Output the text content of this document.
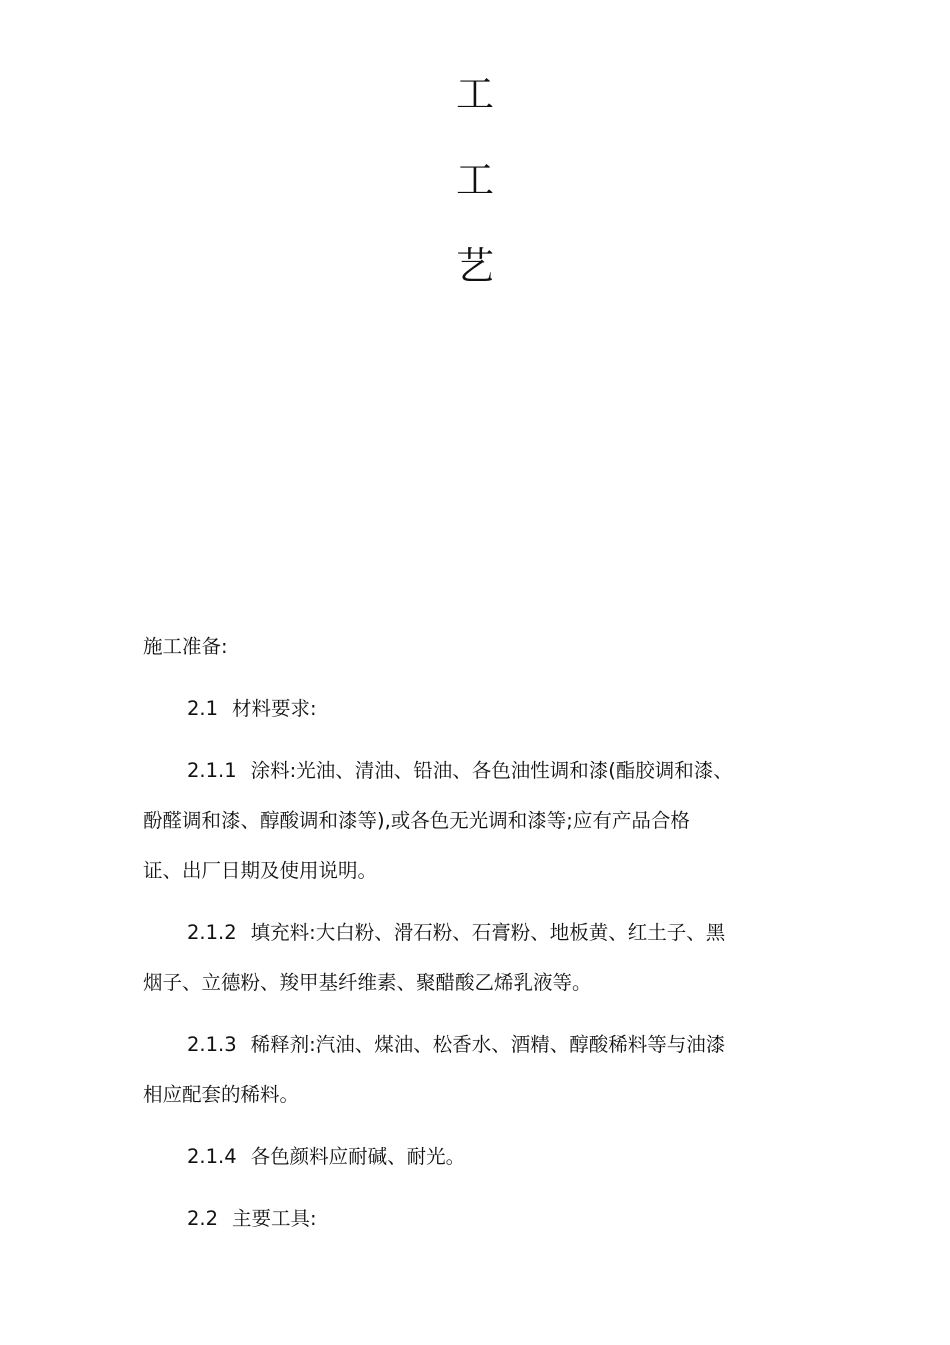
工
工
艺
施工准备:
2.1 材料要求:
2.1.1 涂料:光油、清油、铅油、各色油性调和漆(酯胶调和漆、
酚醛调和漆、醇酸调和漆等),或各色无光调和漆等;应有产品合格
证、出厂日期及使用说明。
2.1.2 填充料:大白粉、滑石粉、石膏粉、地板黄、红土子、黑
烟子、立德粉、羧甲基纤维素、聚醋酸乙烯乳液等。
2.1.3 稀释剂:汽油、煤油、松香水、酒精、醇酸稀料等与油漆
相应配套的稀料。
2.1.4 各色颜料应耐碱、耐光。
2.2 主要工具:
